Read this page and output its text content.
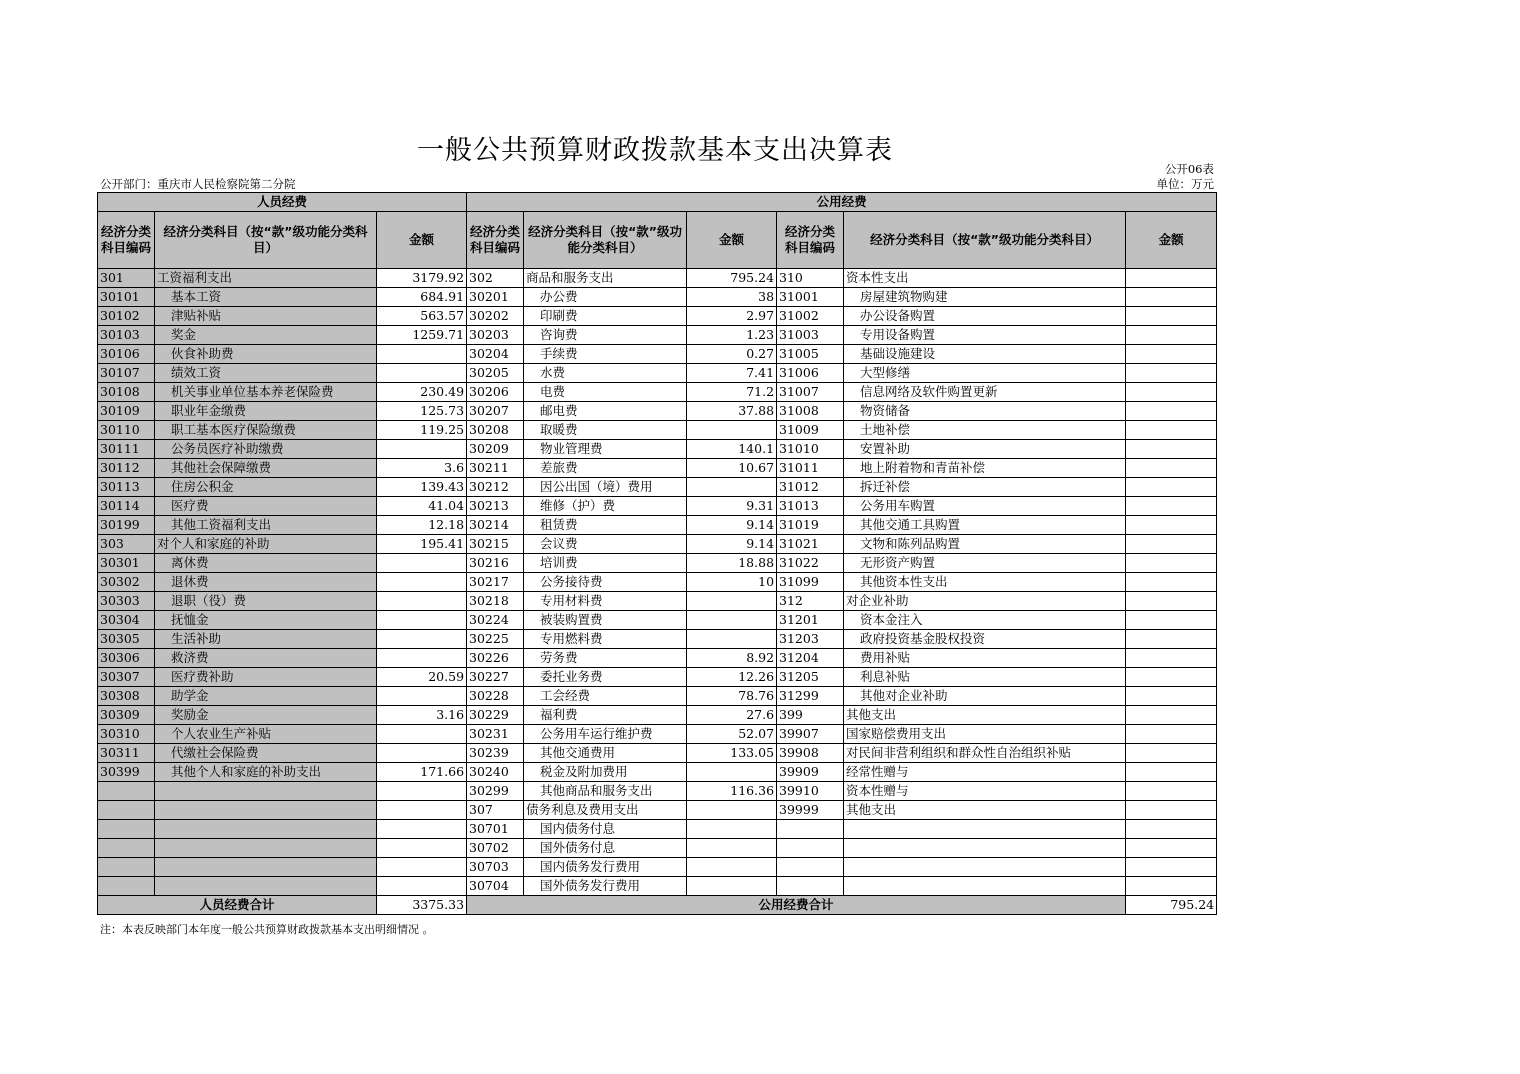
一般公共预算财政拨款基本支出决算表
公开06表
公开部门：重庆市人民检察院第二分院	单位：万元
人员经费			公用经费					
经济分类科目编码	经济分类科目（按“款”级功能分类科目）	金额	经济分类科目编码	经济分类科目（按“款”级功能分类科目）	金额	经济分类科目编码	经济分类科目（按“款”级功能分类科目）	金额
301	工资福利支出	3179.92	302	商品和服务支出	795.24	310	资本性支出	
30101	基本工资	684.91	30201	办公费	38	31001	房屋建筑物购建	
30102	津贴补贴	563.57	30202	印刷费	2.97	31002	办公设备购置	
30103	奖金	1259.71	30203	咨询费	1.23	31003	专用设备购置	
30106	伙食补助费		30204	手续费	0.27	31005	基础设施建设	
30107	绩效工资		30205	水费	7.41	31006	大型修缮	
30108	机关事业单位基本养老保险费	230.49	30206	电费	71.2	31007	信息网络及软件购置更新	
30109	职业年金缴费	125.73	30207	邮电费	37.88	31008	物资储备	
30110	职工基本医疗保险缴费	119.25	30208	取暖费		31009	土地补偿	
30111	公务员医疗补助缴费		30209	物业管理费	140.1	31010	安置补助	
30112	其他社会保障缴费	3.6	30211	差旅费	10.67	31011	地上附着物和青苗补偿	
30113	住房公积金	139.43	30212	因公出国（境）费用		31012	拆迁补偿	
30114	医疗费	41.04	30213	维修（护）费	9.31	31013	公务用车购置	
30199	其他工资福利支出	12.18	30214	租赁费	9.14	31019	其他交通工具购置	
303	对个人和家庭的补助	195.41	30215	会议费	9.14	31021	文物和陈列品购置	
30301	离休费		30216	培训费	18.88	31022	无形资产购置	
30302	退休费		30217	公务接待费	10	31099	其他资本性支出	
30303	退职（役）费		30218	专用材料费		312	对企业补助	
30304	抚恤金		30224	被装购置费		31201	资本金注入	
30305	生活补助		30225	专用燃料费		31203	政府投资基金股权投资	
30306	救济费		30226	劳务费	8.92	31204	费用补贴	
30307	医疗费补助	20.59	30227	委托业务费	12.26	31205	利息补贴	
30308	助学金		30228	工会经费	78.76	31299	其他对企业补助	
30309	奖励金	3.16	30229	福利费	27.6	399	其他支出	
30310	个人农业生产补贴		30231	公务用车运行维护费	52.07	39907	国家赔偿费用支出	
30311	代缴社会保险费		30239	其他交通费用	133.05	39908	对民间非营利组织和群众性自治组织补贴	
30399	其他个人和家庭的补助支出	171.66	30240	税金及附加费用		39909	经常性赠与	
			30299	其他商品和服务支出	116.36	39910	资本性赠与	
			307	债务利息及费用支出		39999	其他支出	
			30701	国内债务付息				
			30702	国外债务付息				
			30703	国内债务发行费用				
			30704	国外债务发行费用				
人员经费合计		3375.33	公用经费合计					795.24
注：本表反映部门本年度一般公共预算财政拨款基本支出明细情况 。
